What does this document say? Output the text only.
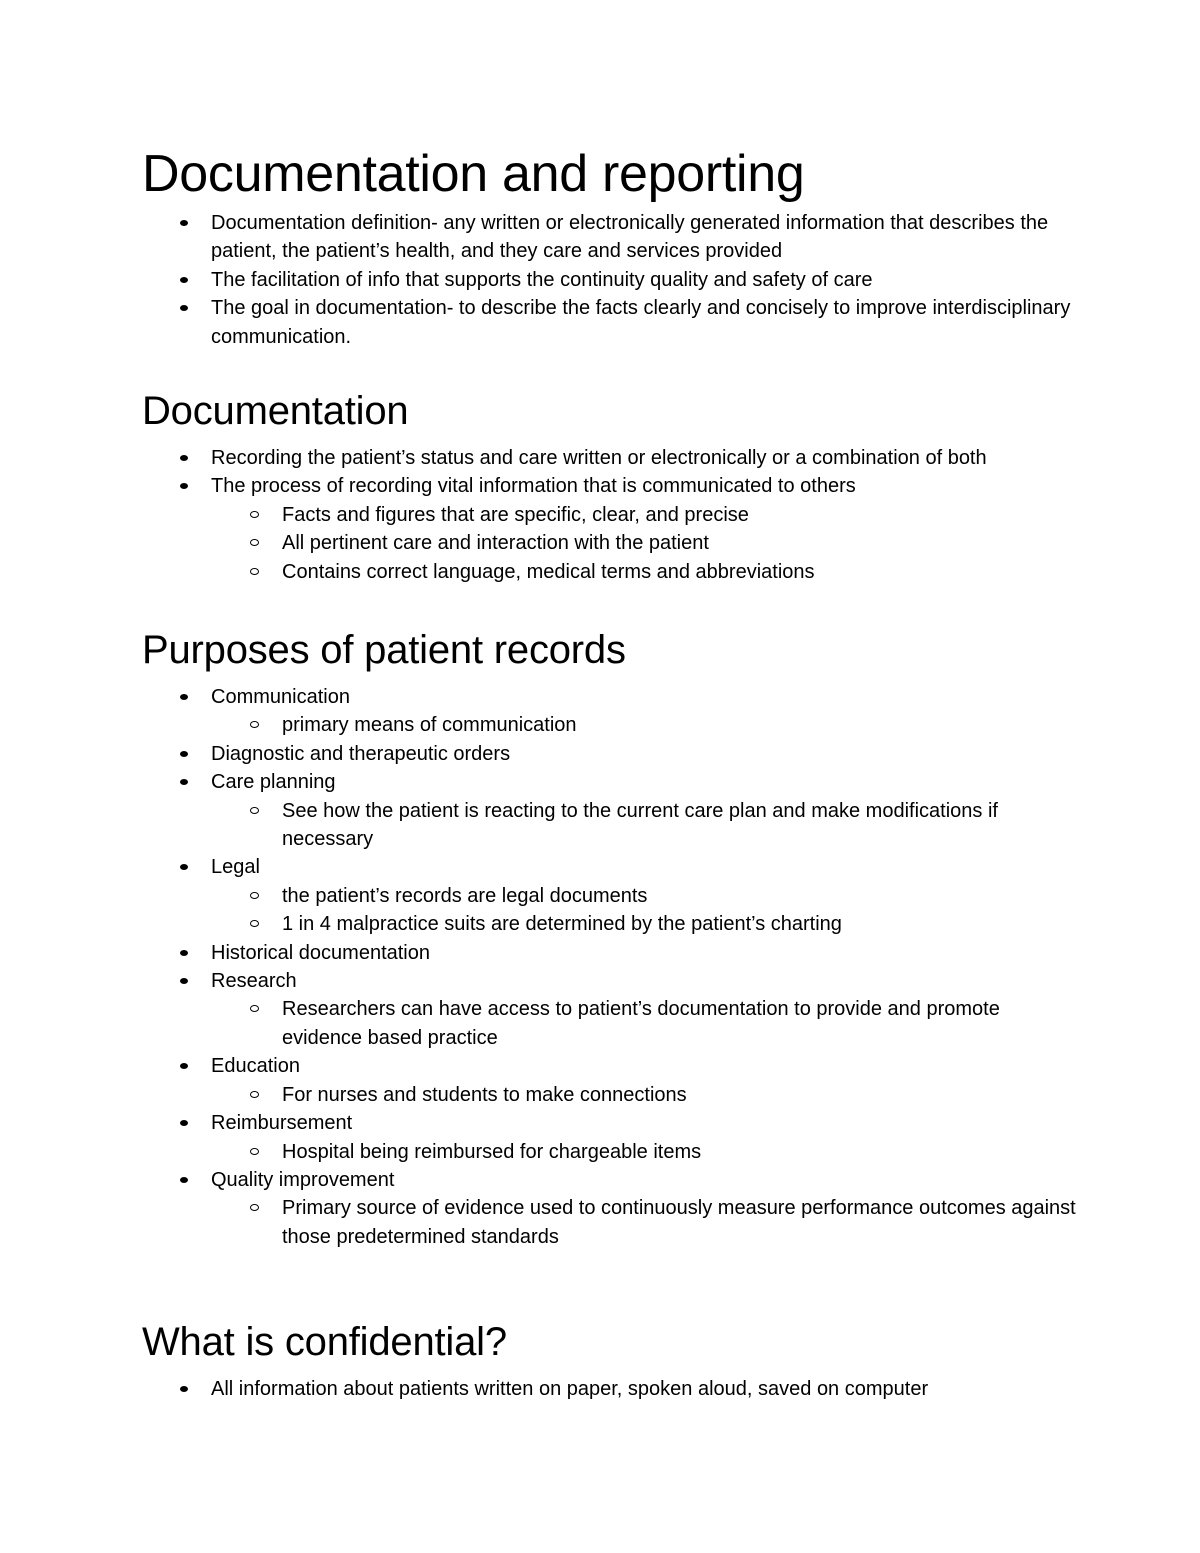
Documentation and reporting
Documentation definition- any written or electronically generated information that describes the patient, the patient’s health, and they care and services provided
The facilitation of info that supports the continuity quality and safety of care
The goal in documentation- to describe the facts clearly and concisely to improve interdisciplinary communication.
Documentation
Recording the patient’s status and care written or electronically or a combination of both
The process of recording vital information that is communicated to others
Facts and figures that are specific, clear, and precise
All pertinent care and interaction with the patient
Contains correct language, medical terms and abbreviations
Purposes of patient records
Communication
primary means of communication
Diagnostic and therapeutic orders
Care planning
See how the patient is reacting to the current care plan and make modifications if necessary
Legal
the patient’s records are legal documents
1 in 4 malpractice suits are determined by the patient’s charting
Historical documentation
Research
Researchers can have access to patient’s documentation to provide and promote evidence based practice
Education
For nurses and students to make connections
Reimbursement
Hospital being reimbursed for chargeable items
Quality improvement
Primary source of evidence used to continuously measure performance outcomes against those predetermined standards
What is confidential?
All information about patients written on paper, spoken aloud, saved on computer
